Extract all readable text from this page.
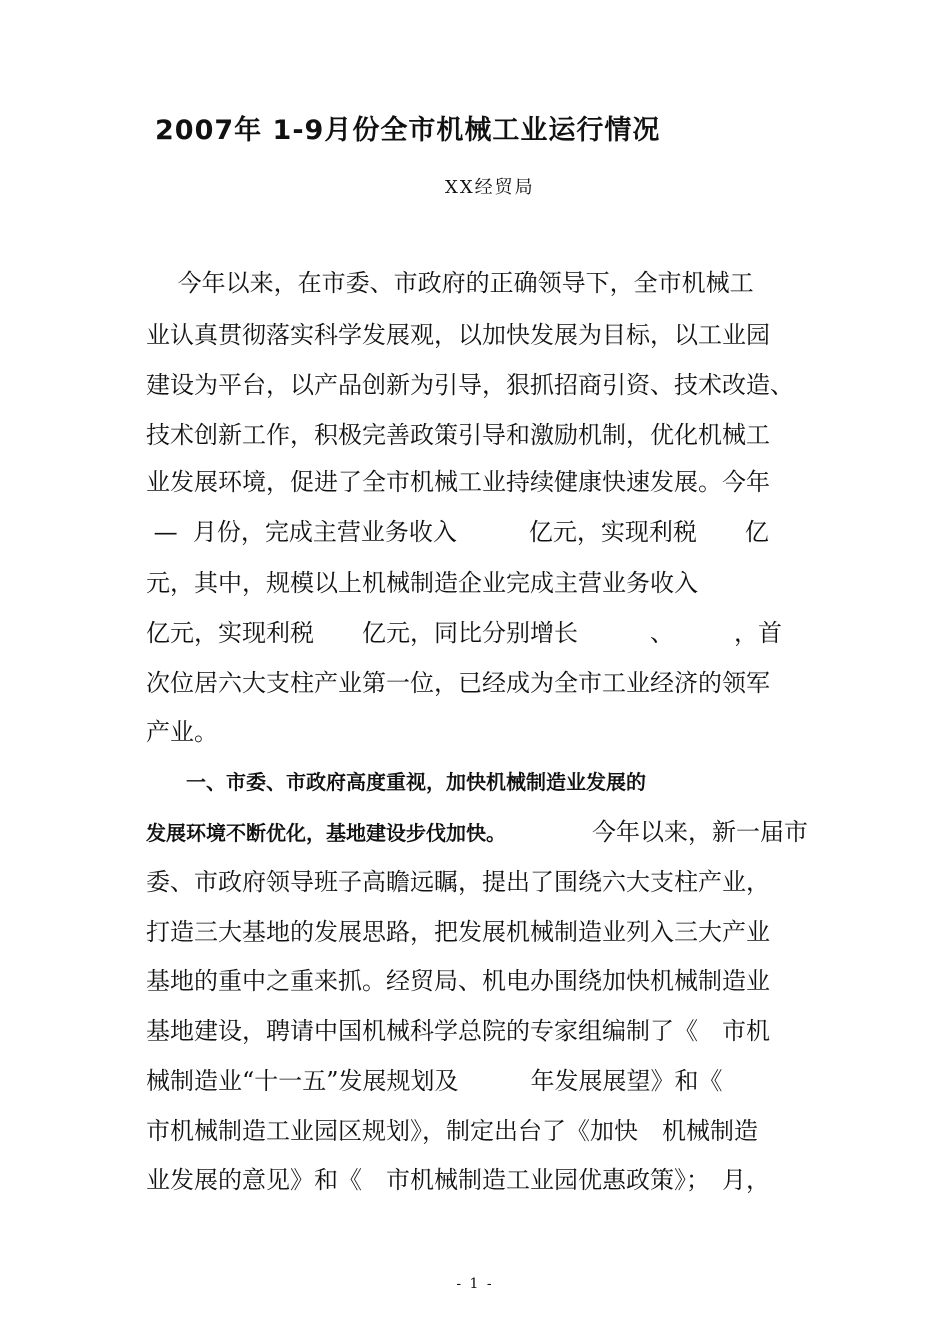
2007年 1-9月份全市机械工业运行情况
XX经贸局
　 今年以来，在市委、市政府的正确领导下，全市机械工
业认真贯彻落实科学发展观，以加快发展为目标，以工业园
建设为平台，以产品创新为引导，狠抓招商引资、技术改造、
技术创新工作，积极完善政策引导和激励机制，优化机械工
业发展环境，促进了全市机械工业持续健康快速发展。今年
—  月份，完成主营业务收入　　　亿元，实现利税　　亿
元，其中，规模以上机械制造企业完成主营业务收入　　
亿元，实现利税　　亿元，同比分别增长　　　、　　　，首
次位居六大支柱产业第一位，已经成为全市工业经济的领军
产业。
　　一、市委、市政府高度重视，加快机械制造业发展的
发展环境不断优化，基地建设步伐加快。	今年以来，新一届市
委、市政府领导班子高瞻远瞩，提出了围绕六大支柱产业，
打造三大基地的发展思路，把发展机械制造业列入三大产业
基地的重中之重来抓。经贸局、机电办围绕加快机械制造业
基地建设，聘请中国机械科学总院的专家组编制了《　市机
械制造业“十一五”发展规划及　　　年发展展望》和《
市机械制造工业园区规划》，制定出台了《加快　机械制造
业发展的意见》和《　市机械制造工业园优惠政策》；　月，
- 1 -
